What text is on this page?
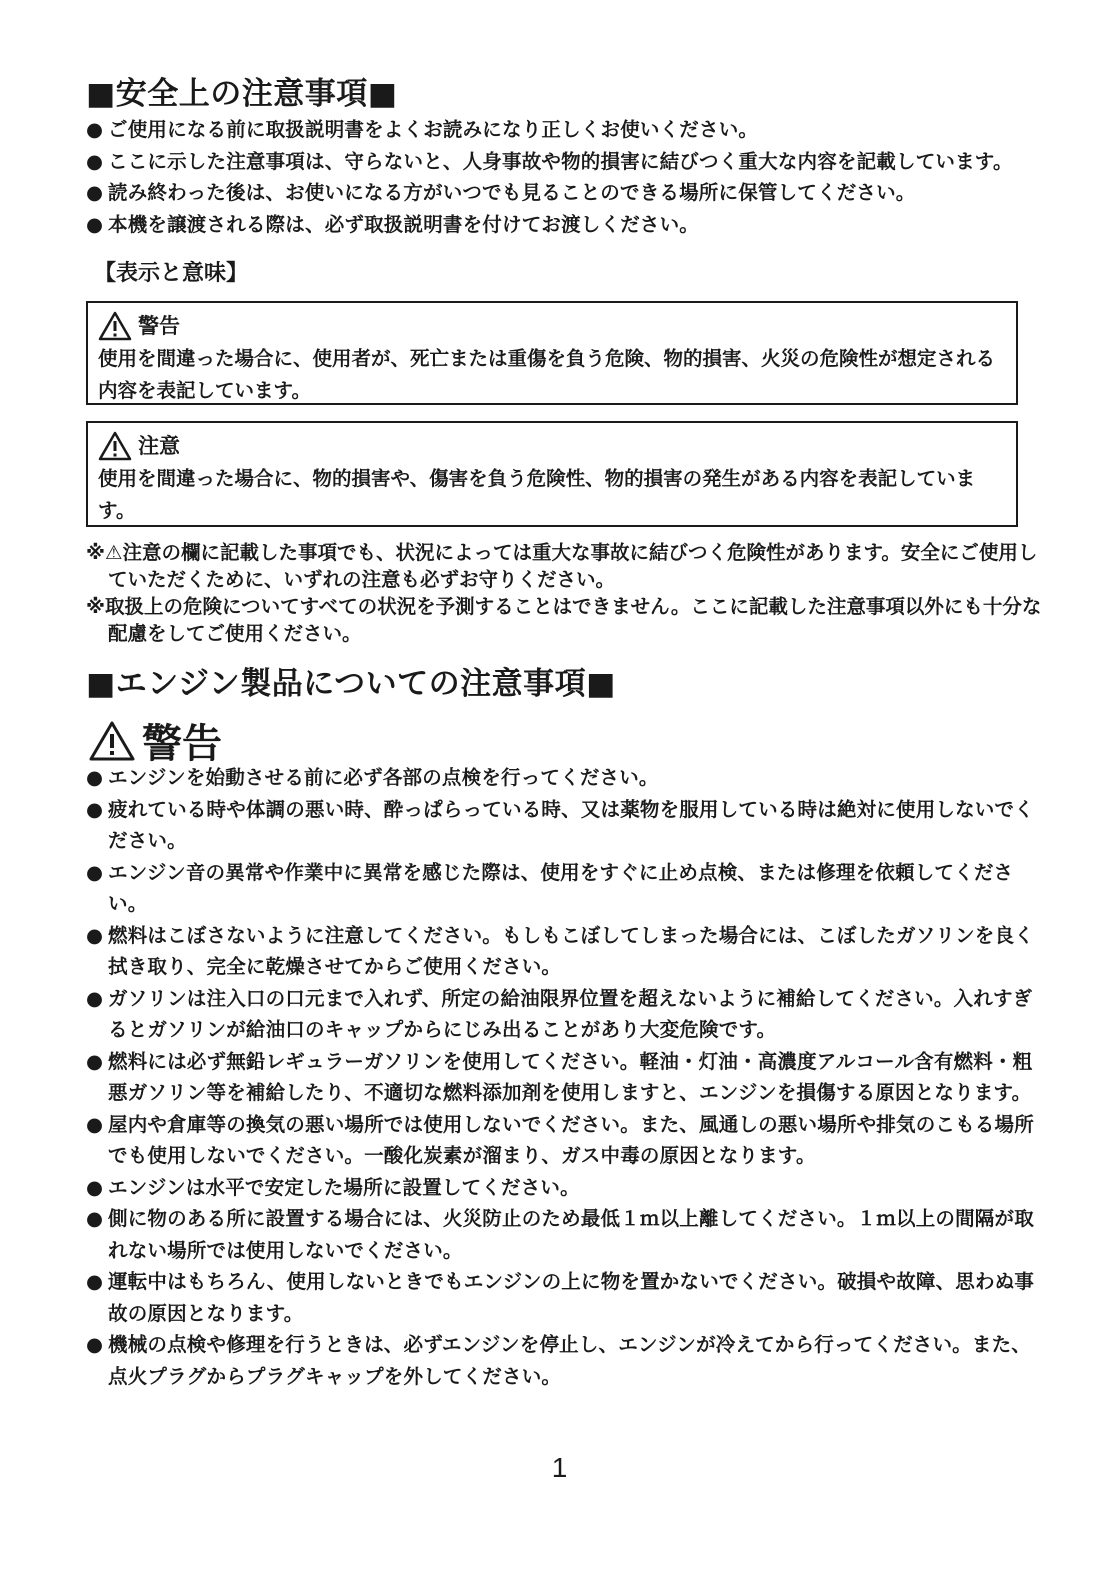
■安全上の注意事項■
● ご使用になる前に取扱説明書をよくお読みになり正しくお使いください。
● ここに示した注意事項は、守らないと、人身事故や物的損害に結びつく重大な内容を記載しています。
● 読み終わった後は、お使いになる方がいつでも見ることのできる場所に保管してください。
● 本機を譲渡される際は、必ず取扱説明書を付けてお渡しください。
【表示と意味】
警告
使用を間違った場合に、使用者が、死亡または重傷を負う危険、物的損害、火災の危険性が想定される内容を表記しています。
注意
使用を間違った場合に、物的損害や、傷害を負う危険性、物的損害の発生がある内容を表記しています。

※⚠注意の欄に記載した事項でも、状況によっては重大な事故に結びつく危険性があります。安全にご使用していただくために、いずれの注意も必ずお守りください。

※取扱上の危険についてすべての状況を予測することはできません。ここに記載した注意事項以外にも十分な配慮をしてご使用ください。

■エンジン製品についての注意事項■
警告
● エンジンを始動させる前に必ず各部の点検を行ってください。
● 疲れている時や体調の悪い時、酔っぱらっている時、又は薬物を服用している時は絶対に使用しないでください。
● エンジン音の異常や作業中に異常を感じた際は、使用をすぐに止め点検、または修理を依頼してください。
● 燃料はこぼさないように注意してください。もしもこぼしてしまった場合には、こぼしたガソリンを良く拭き取り、完全に乾燥させてからご使用ください。
● ガソリンは注入口の口元まで入れず、所定の給油限界位置を超えないように補給してください。入れすぎるとガソリンが給油口のキャップからにじみ出ることがあり大変危険です。
● 燃料には必ず無鉛レギュラーガソリンを使用してください。軽油・灯油・高濃度アルコール含有燃料・粗悪ガソリン等を補給したり、不適切な燃料添加剤を使用しますと、エンジンを損傷する原因となります。
● 屋内や倉庫等の換気の悪い場所では使用しないでください。また、風通しの悪い場所や排気のこもる場所でも使用しないでください。一酸化炭素が溜まり、ガス中毒の原因となります。
● エンジンは水平で安定した場所に設置してください。
● 側に物のある所に設置する場合には、火災防止のため最低１ｍ以上離してください。１ｍ以上の間隔が取れない場所では使用しないでください。
● 運転中はもちろん、使用しないときでもエンジンの上に物を置かないでください。破損や故障、思わぬ事故の原因となります。
● 機械の点検や修理を行うときは、必ずエンジンを停止し、エンジンが冷えてから行ってください。また、点火プラグからプラグキャップを外してください。
1
